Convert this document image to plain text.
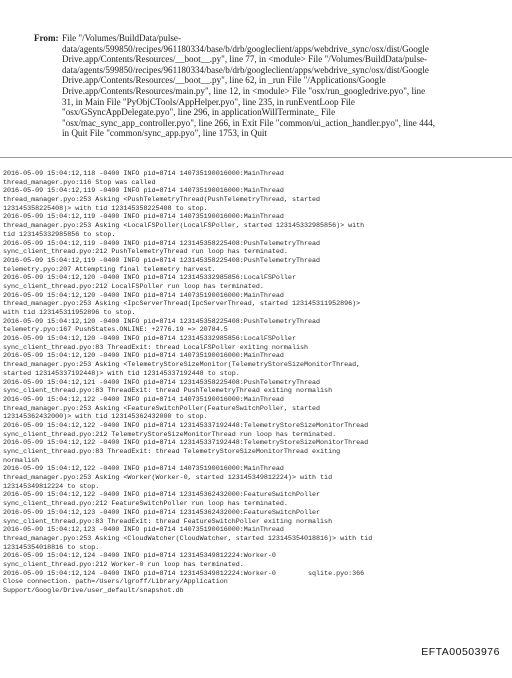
From: File "/Volumes/BuildData/pulse-
data/agents/599850/recipes/961180334/base/b/drb/googleclient/apps/webdrive_sync/osx/dist/Google
Drive.app/Contents/Resources/__boot__.py", line 77, in <module> File "/Volumes/BuildData/pulse-
data/agents/599850/recipes/961180334/base/b/drb/googleclient/apps/webdrive_sync/osx/dist/Google
Drive.app/Contents/Resources/__boot__.py", line 62, in _run File "/Applications/Google
Drive.app/Contents/Resources/main.py", line 12, in <module> File "osx/run_googledrive.pyo", line
31, in Main File "PyObjCTools/AppHelper.pyo", line 235, in runEventLoop File
"osx/GSyncAppDelegate.pyo", line 296, in applicationWillTerminate_ File
"osx/mac_sync_app_controller.pyo", line 266, in Exit File "common/ui_action_handler.pyo", line 444,
in Quit File "common/sync_app.pyo", line 1753, in Quit
2016-05-09 15:04:12,118 -0400 INFO pid=8714 140735190016000:MainThread
thread_manager.pyo:116 Stop was called
2016-05-09 15:04:12,119 -0400 INFO pid=8714 140735190016000:MainThread
thread_manager.pyo:253 Asking <PushTelemetryThread(PushTelemetryThread, started
123145358225408)> with tid 123145358225408 to stop.
2016-05-09 15:04:12,119 -0400 INFO pid=8714 140735190016000:MainThread
thread_manager.pyo:253 Asking <LocalFSPoller(LocalFSPoller, started 123145332985856)> with
tid 123145332985856 to stop.
2016-05-09 15:04:12,119 -0400 INFO pid=8714 123145358225408:PushTelemetryThread
sync_client_thread.pyo:212 PushTelemetryThread run loop has terminated.
2016-05-09 15:04:12,119 -0400 INFO pid=8714 123145358225408:PushTelemetryThread
telemetry.pyo:207 Attempting final telemetry harvest.
2016-05-09 15:04:12,120 -0400 INFO pid=8714 123145332985856:LocalFSPoller
sync_client_thread.pyo:212 LocalFSPoller run loop has terminated.
2016-05-09 15:04:12,120 -0400 INFO pid=8714 140735190016000:MainThread
thread_manager.pyo:253 Asking <IpcServerThread(IpcServerThread, started 123145311952896)>
with tid 123145311952896 to stop.
2016-05-09 15:04:12,120 -0400 INFO pid=8714 123145358225408:PushTelemetryThread
telemetry.pyo:167 PushStates.ONLINE: +2776.19 => 20784.5
2016-05-09 15:04:12,120 -0400 INFO pid=8714 123145332985856:LocalFSPoller
sync_client_thread.pyo:83 ThreadExit: thread LocalFSPoller exiting normalish
2016-05-09 15:04:12,120 -0400 INFO pid=8714 140735190016000:MainThread
thread_manager.pyo:253 Asking <TelemetryStoreSizeMonitor(TelemetryStoreSizeMonitorThread,
started 123145337192448)> with tid 123145337192448 to stop.
2016-05-09 15:04:12,121 -0400 INFO pid=8714 123145358225408:PushTelemetryThread
sync_client_thread.pyo:83 ThreadExit: thread PushTelemetryThread exiting normalish
2016-05-09 15:04:12,122 -0400 INFO pid=8714 140735190016000:MainThread
thread_manager.pyo:253 Asking <FeatureSwitchPoller(FeatureSwitchPoller, started
123145362432000)> with tid 123145362432000 to stop.
2016-05-09 15:04:12,122 -0400 INFO pid=8714 123145337192448:TelemetryStoreSizeMonitorThread
sync_client_thread.pyo:212 TelemetryStoreSizeMonitorThread run loop has terminated.
2016-05-09 15:04:12,122 -0400 INFO pid=8714 123145337192448:TelemetryStoreSizeMonitorThread
sync_client_thread.pyo:83 ThreadExit: thread TelemetryStoreSizeMonitorThread exiting
normalish
2016-05-09 15:04:12,122 -0400 INFO pid=8714 140735190016000:MainThread
thread_manager.pyo:253 Asking <Worker(Worker-0, started 123145349812224)> with tid
123145349812224 to stop.
2016-05-09 15:04:12,122 -0400 INFO pid=8714 123145362432000:FeatureSwitchPoller
sync_client_thread.pyo:212 FeatureSwitchPoller run loop has terminated.
2016-05-09 15:04:12,123 -0400 INFO pid=8714 123145362432000:FeatureSwitchPoller
sync_client_thread.pyo:83 ThreadExit: thread FeatureSwitchPoller exiting normalish
2016-05-09 15:04:12,123 -0400 INFO pid=8714 140735190016000:MainThread
thread_manager.pyo:253 Asking <CloudWatcher(CloudWatcher, started 123145354018816)> with tid
123145354018816 to stop.
2016-05-09 15:04:12,124 -0400 INFO pid=8714 123145349812224:Worker-0
sync_client_thread.pyo:212 Worker-0 run loop has terminated.
2016-05-09 15:04:12,124 -0400 INFO pid=8714 123145349812224:Worker-0        sqlite.pyo:366
Close connection. path=/Users/lgroff/Library/Application
Support/Google/Drive/user_default/snapshot.db
EFTA00503976
